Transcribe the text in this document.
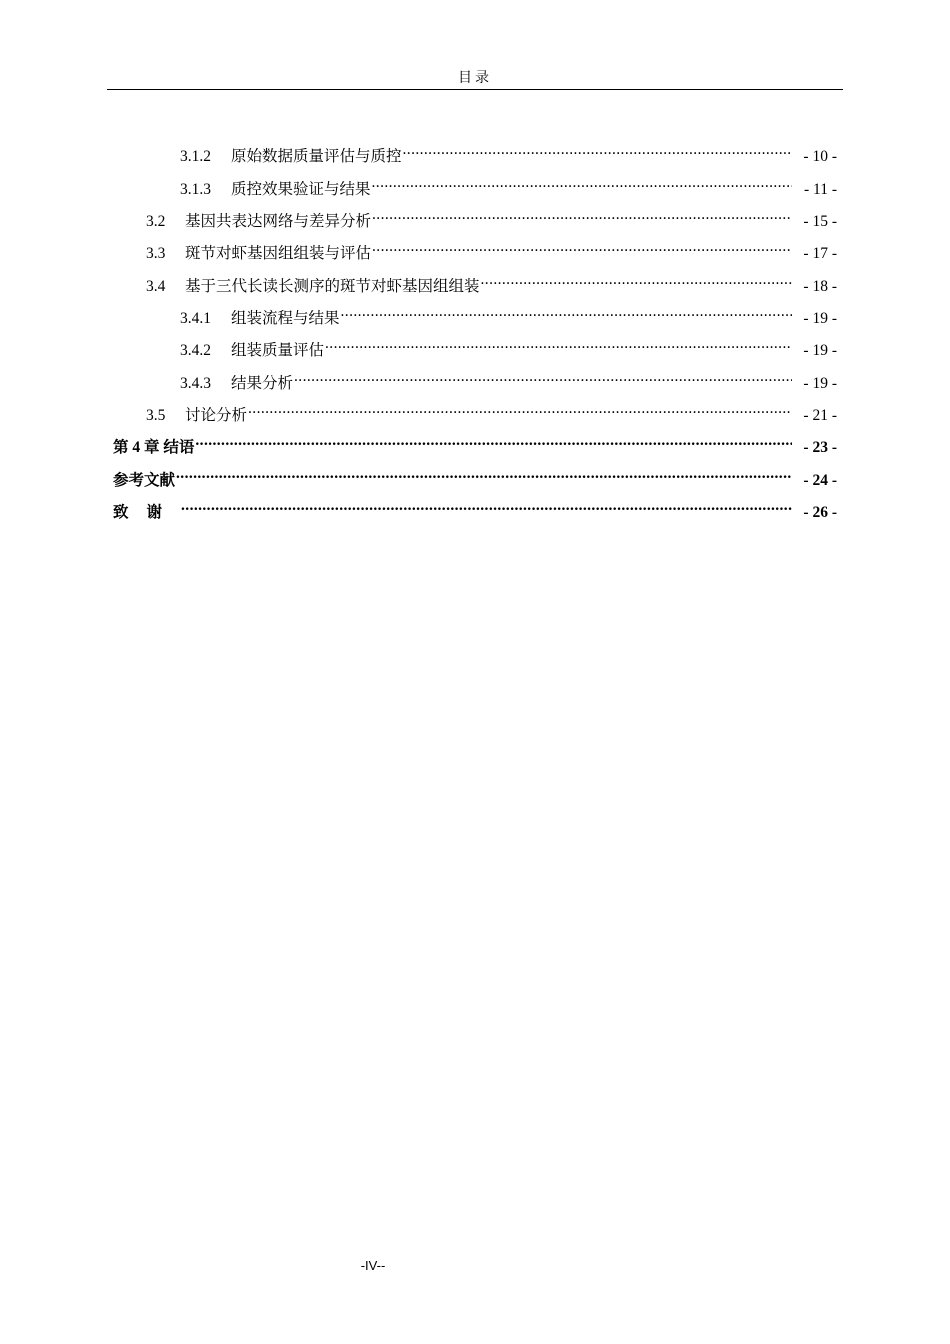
目录
3.1.2	原始数据质量评估与质控 .....	- 10 -
3.1.3	质控效果验证与结果 .....	- 11 -
3.2	基因共表达网络与差异分析 .....	- 15 -
3.3	斑节对虾基因组组装与评估 .....	- 17 -
3.4	基于三代长读长测序的斑节对虾基因组组装 .....	- 18 -
3.4.1	组装流程与结果 .....	- 19 -
3.4.2	组装质量评估 .....	- 19 -
3.4.3	结果分析 .....	- 19 -
3.5	讨论分析 .....	- 21 -
第 4 章 结语 .....	- 23 -
参考文献 .....	- 24 -
致谢 .....	- 26 -
-IV--
